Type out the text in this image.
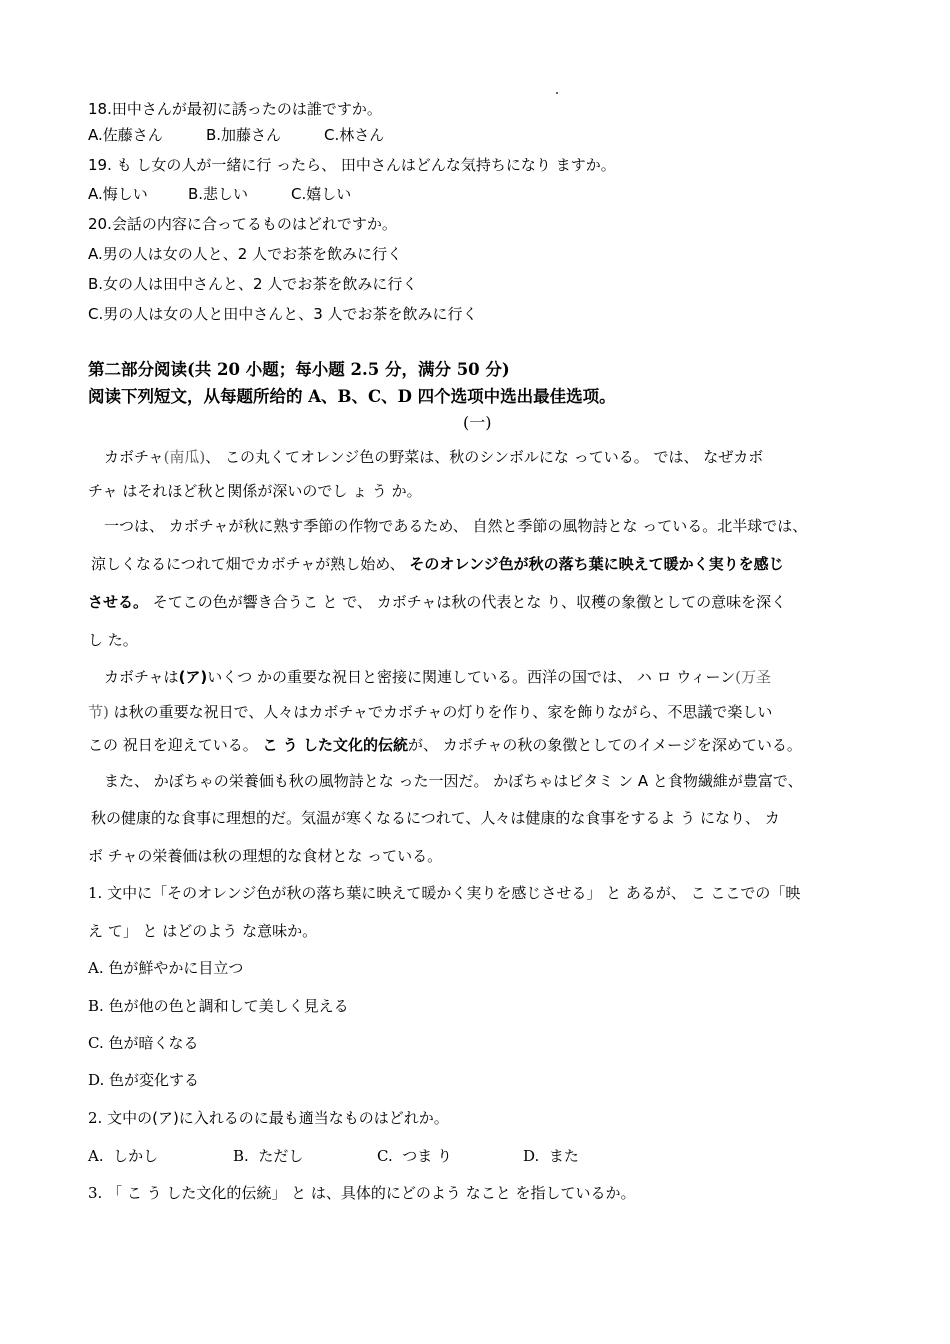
18.田中さんが最初に誘ったのは誰ですか。
A.佐藤さん	B.加藤さん	C.林さん
19. も し女の人が一緒に行 ったら、 田中さんはどんな気持ちになり ますか。
A.悔しい	B.悲しい	C.嬉しい
20.会話の内容に合ってるものはどれですか。
A.男の人は女の人と、2 人でお茶を飲みに行く
B.女の人は田中さんと、2 人でお茶を飲みに行く
C.男の人は女の人と田中さんと、3 人でお茶を飲みに行く
第二部分阅读(共 20 小题；每小题 2.5 分，满分 50 分)
阅读下列短文，从每题所给的 A、B、C、D 四个选项中选出最佳选项。
(一)
カボチャ(南瓜)、 この丸くてオレンジ色の野菜は、秋のシンボルにな っている。 では、 なぜカボ
チャ はそれほど秋と関係が深いのでし ょ う か。
一つは、 カボチャが秋に熟す季節の作物であるため、 自然と季節の風物詩とな っている。北半球では、
涼しくなるにつれて畑でカボチャが熟し始め、 そのオレンジ色が秋の落ち葉に映えて暖かく実りを感じ
させる。 そてこの色が響き合うこ と で、 カボチャは秋の代表とな り、収穫の象徴としての意味を深く
し た。
カボチャは(ア)いくつ かの重要な祝日と密接に関連している。西洋の国では、 ハ ロ ウィーン(万圣
节) は秋の重要な祝日で、人々はカボチャでカボチャの灯りを作り、家を飾りながら、不思議で楽しい
この 祝日を迎えている。 こ う した文化的伝統が、 カボチャの秋の象徴としてのイメージを深めている。
また、 かぼちゃの栄養価も秋の風物詩とな った一因だ。 かぼちゃはビタミ ン A と食物繊維が豊富で、
秋の健康的な食事に理想的だ。気温が寒くなるにつれて、人々は健康的な食事をするよ う になり、 カ
ボ チャの栄養価は秋の理想的な食材とな っている。
1. 文中に「そのオレンジ色が秋の落ち葉に映えて暖かく実りを感じさせる」 と あるが、 こ ここでの「映
え て」 と はどのよう な意味か。
A. 色が鮮やかに目立つ
B. 色が他の色と調和して美しく見える
C. 色が暗くなる
D. 色が変化する
2. 文中の(ア)に入れるのに最も適当なものはどれか。
A. しかし	B. ただし	C. つま り	D. また
3. 「 こ う した文化的伝統」 と は、具体的にどのよう なこと を指しているか。
